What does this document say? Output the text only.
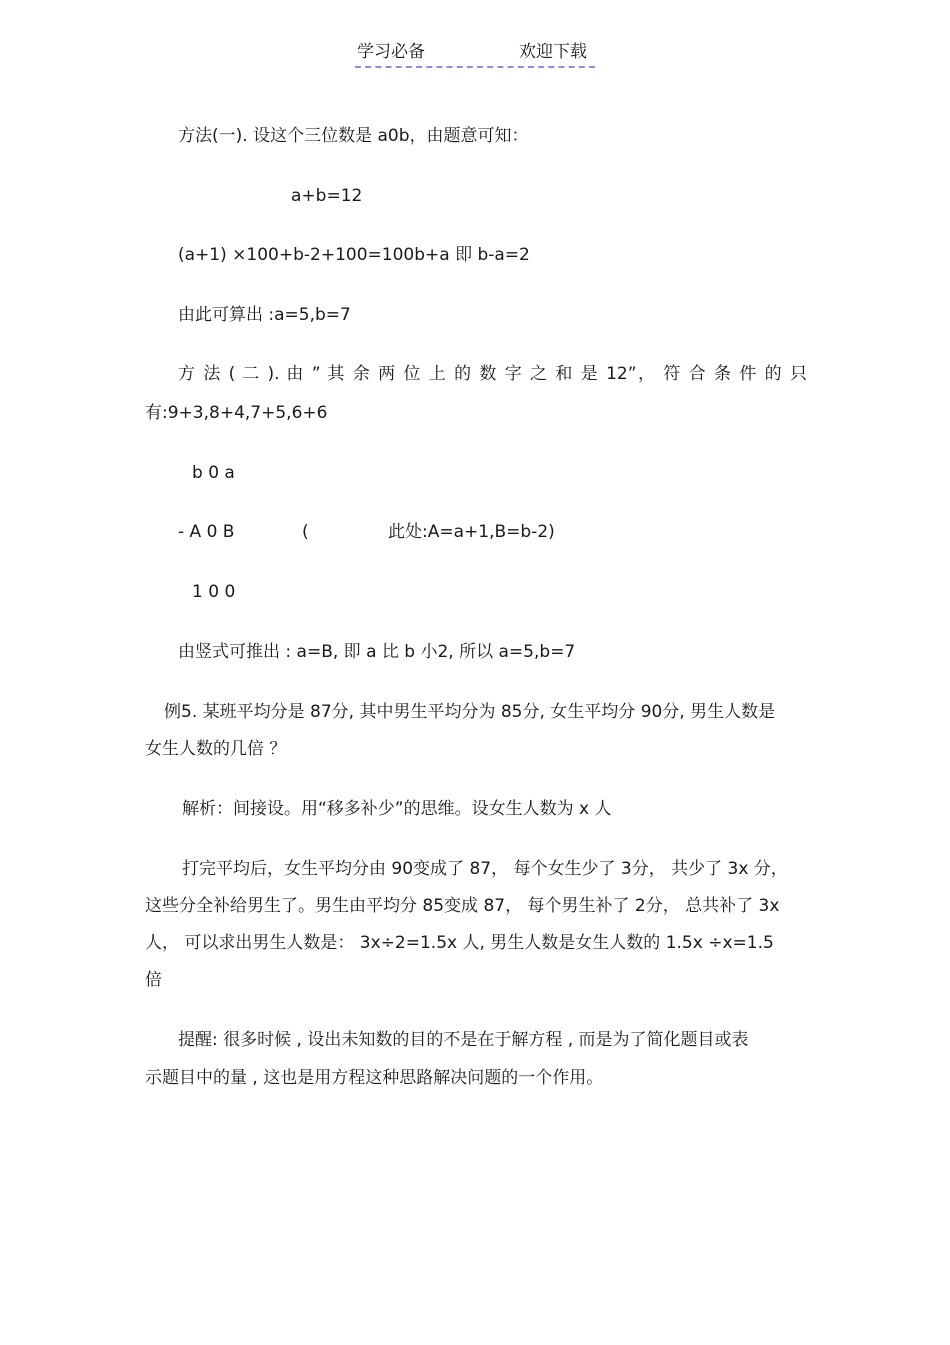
学习必备	欢迎下载
方法(一). 设这个三位数是 a0b，由题意可知：
a+b=12
(a+1) ×100+b-2+100=100b+a 即 b-a=2
由此可算出 :a=5,b=7
方 法 ( 二 ). 由 ” 其 余 两 位 上 的 数 字 之 和 是 12”， 符 合 条 件 的 只
有:9+3,8+4,7+5,6+6
b 0 a
- A 0 B	(	此处:A=a+1,B=b-2)
1 0 0
由竖式可推出 : a=B, 即 a 比 b 小2, 所以 a=5,b=7
例5. 某班平均分是 87分, 其中男生平均分为 85分, 女生平均分 90分, 男生人数是
女生人数的几倍 ？
解析：间接设。用“移多补少”的思维。设女生人数为 x 人
打完平均后，女生平均分由 90变成了 87， 每个女生少了 3分， 共少了 3x 分，
这些分全补给男生了。男生由平均分 85变成 87， 每个男生补了 2分， 总共补了 3x
人， 可以求出男生人数是： 3x÷2=1.5x 人, 男生人数是女生人数的 1.5x ÷x=1.5
倍
提醒: 很多时候 , 设出未知数的目的不是在于解方程 , 而是为了简化题目或表
示题目中的量 , 这也是用方程这种思路解决问题的一个作用。
